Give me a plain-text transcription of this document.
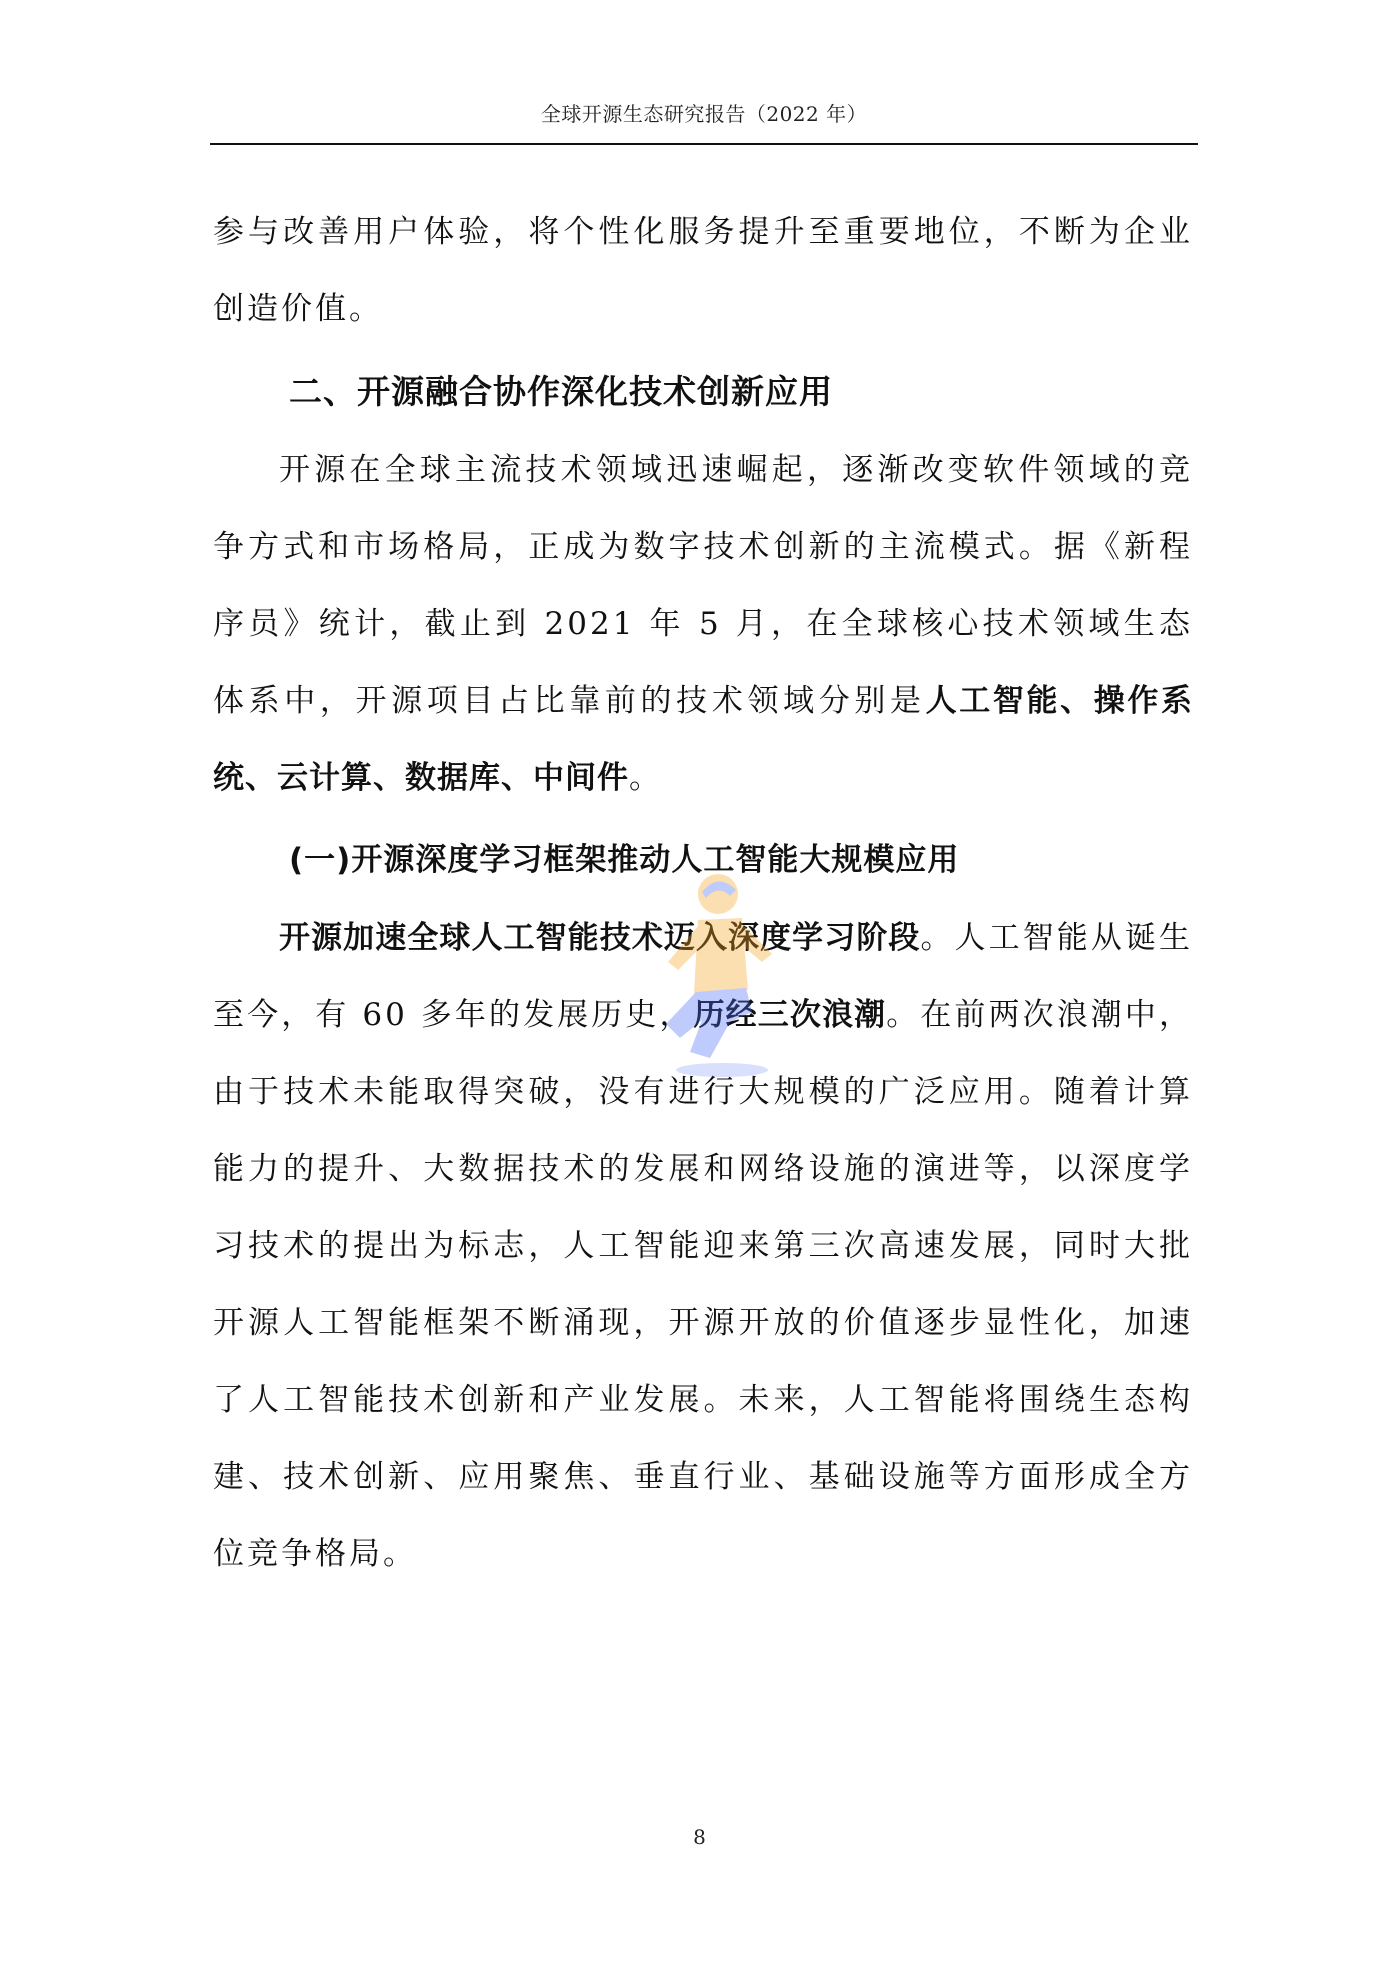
全球开源生态研究报告（2022 年）

参与改善用户体验，将个性化服务提升至重要地位，不断为企业创造价值。

二、开源融合协作深化技术创新应用

开源在全球主流技术领域迅速崛起，逐渐改变软件领域的竞争方式和市场格局，正成为数字技术创新的主流模式。据《新程序员》统计，截止到 2021 年 5 月，在全球核心技术领域生态体系中，开源项目占比靠前的技术领域分别是人工智能、操作系统、云计算、数据库、中间件。

(一)开源深度学习框架推动人工智能大规模应用

开源加速全球人工智能技术迈入深度学习阶段。人工智能从诞生至今，有 60 多年的发展历史，历经三次浪潮。在前两次浪潮中，由于技术未能取得突破，没有进行大规模的广泛应用。随着计算能力的提升、大数据技术的发展和网络设施的演进等，以深度学习技术的提出为标志，人工智能迎来第三次高速发展，同时大批开源人工智能框架不断涌现，开源开放的价值逐步显性化，加速了人工智能技术创新和产业发展。未来，人工智能将围绕生态构建、技术创新、应用聚焦、垂直行业、基础设施等方面形成全方位竞争格局。

8
